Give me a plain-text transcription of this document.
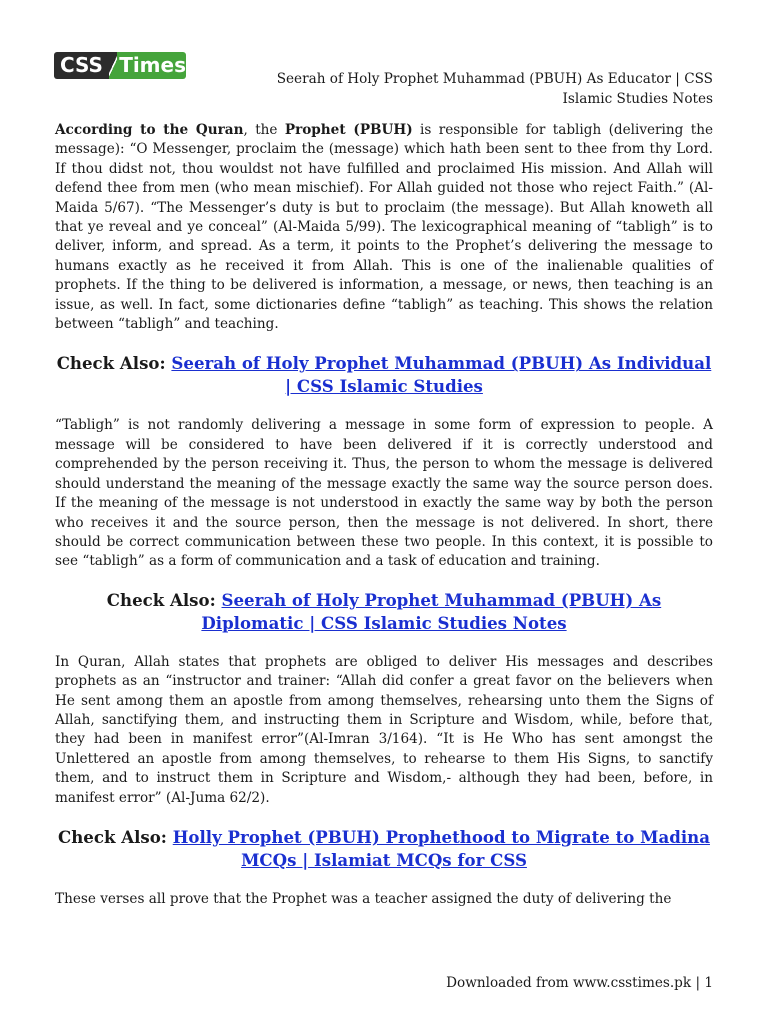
CSS Times
Seerah of Holy Prophet Muhammad (PBUH) As Educator | CSS
Islamic Studies Notes

According to the Quran, the Prophet (PBUH) is responsible for tabligh (delivering the message): “O Messenger, proclaim the (message) which hath been sent to thee from thy Lord. If thou didst not, thou wouldst not have fulfilled and proclaimed His mission. And Allah will defend thee from men (who mean mischief). For Allah guided not those who reject Faith.” (Al-Maida 5/67). “The Messenger’s duty is but to proclaim (the message). But Allah knoweth all that ye reveal and ye conceal” (Al-Maida 5/99). The lexicographical meaning of “tabligh” is to deliver, inform, and spread. As a term, it points to the Prophet’s delivering the message to humans exactly as he received it from Allah. This is one of the inalienable qualities of prophets. If the thing to be delivered is information, a message, or news, then teaching is an issue, as well. In fact, some dictionaries define “tabligh” as teaching. This shows the relation between “tabligh” and teaching.

Check Also: Seerah of Holy Prophet Muhammad (PBUH) As Individual | CSS Islamic Studies

“Tabligh” is not randomly delivering a message in some form of expression to people. A message will be considered to have been delivered if it is correctly understood and comprehended by the person receiving it. Thus, the person to whom the message is delivered should understand the meaning of the message exactly the same way the source person does. If the meaning of the message is not understood in exactly the same way by both the person who receives it and the source person, then the message is not delivered. In short, there should be correct communication between these two people. In this context, it is possible to see “tabligh” as a form of communication and a task of education and training.

Check Also: Seerah of Holy Prophet Muhammad (PBUH) As Diplomatic | CSS Islamic Studies Notes

In Quran, Allah states that prophets are obliged to deliver His messages and describes prophets as an “instructor and trainer: “Allah did confer a great favor on the believers when He sent among them an apostle from among themselves, rehearsing unto them the Signs of Allah, sanctifying them, and instructing them in Scripture and Wisdom, while, before that, they had been in manifest error”(Al-Imran 3/164). “It is He Who has sent amongst the Unlettered an apostle from among themselves, to rehearse to them His Signs, to sanctify them, and to instruct them in Scripture and Wisdom,- although they had been, before, in manifest error” (Al-Juma 62/2).

Check Also: Holly Prophet (PBUH) Prophethood to Migrate to Madina MCQs | Islamiat MCQs for CSS

These verses all prove that the Prophet was a teacher assigned the duty of delivering the

Downloaded from www.csstimes.pk | 1
